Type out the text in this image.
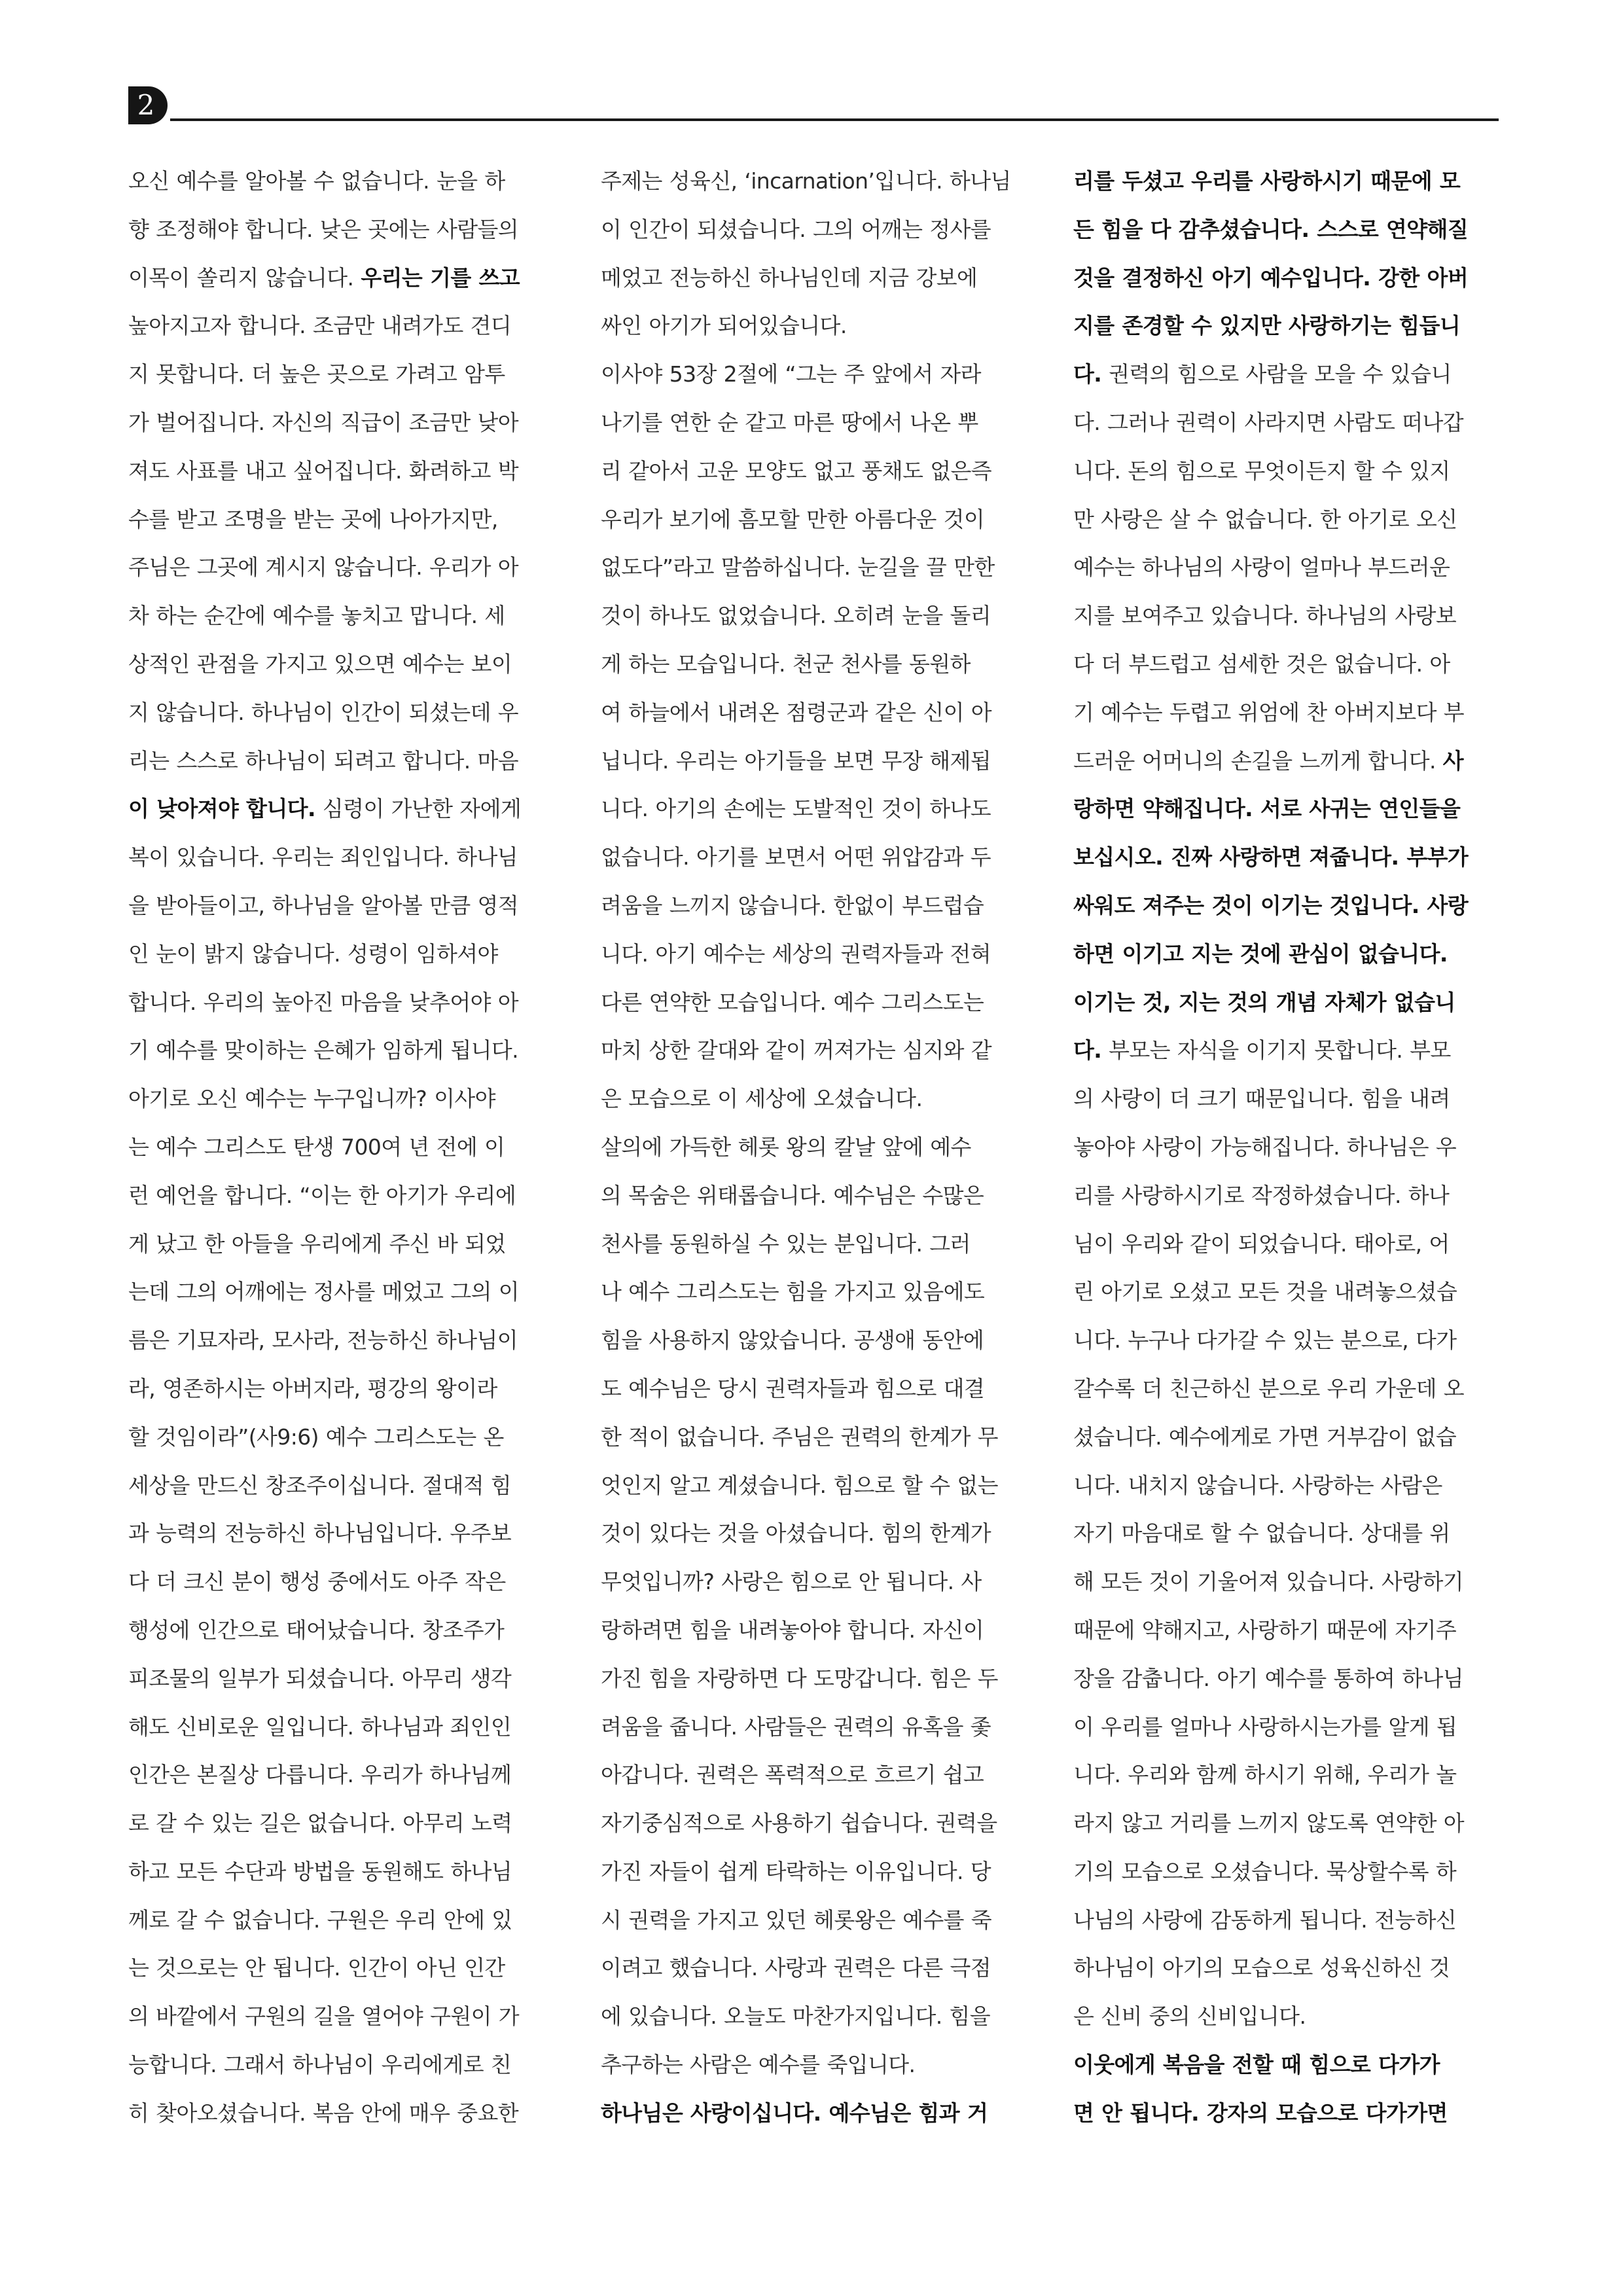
2
오신 예수를 알아볼 수 없습니다. 눈을 하
향 조정해야 합니다. 낮은 곳에는 사람들의
이목이 쏠리지 않습니다. 우리는 기를 쓰고
높아지고자 합니다. 조금만 내려가도 견디
지 못합니다. 더 높은 곳으로 가려고 암투
가 벌어집니다. 자신의 직급이 조금만 낮아
져도 사표를 내고 싶어집니다. 화려하고 박
수를 받고 조명을 받는 곳에 나아가지만,
주님은 그곳에 계시지 않습니다. 우리가 아
차 하는 순간에 예수를 놓치고 맙니다. 세
상적인 관점을 가지고 있으면 예수는 보이
지 않습니다. 하나님이 인간이 되셨는데 우
리는 스스로 하나님이 되려고 합니다. 마음
이 낮아져야 합니다. 심령이 가난한 자에게
복이 있습니다. 우리는 죄인입니다. 하나님
을 받아들이고, 하나님을 알아볼 만큼 영적
인 눈이 밝지 않습니다. 성령이 임하셔야
합니다. 우리의 높아진 마음을 낮추어야 아
기 예수를 맞이하는 은혜가 임하게 됩니다.
아기로 오신 예수는 누구입니까? 이사야
는 예수 그리스도 탄생 700여 년 전에 이
런 예언을 합니다. “이는 한 아기가 우리에
게 났고 한 아들을 우리에게 주신 바 되었
는데 그의 어깨에는 정사를 메었고 그의 이
름은 기묘자라, 모사라, 전능하신 하나님이
라, 영존하시는 아버지라, 평강의 왕이라
할 것임이라”(사9:6) 예수 그리스도는 온
세상을 만드신 창조주이십니다. 절대적 힘
과 능력의 전능하신 하나님입니다. 우주보
다 더 크신 분이 행성 중에서도 아주 작은
행성에 인간으로 태어났습니다. 창조주가
피조물의 일부가 되셨습니다. 아무리 생각
해도 신비로운 일입니다. 하나님과 죄인인
인간은 본질상 다릅니다. 우리가 하나님께
로 갈 수 있는 길은 없습니다. 아무리 노력
하고 모든 수단과 방법을 동원해도 하나님
께로 갈 수 없습니다. 구원은 우리 안에 있
는 것으로는 안 됩니다. 인간이 아닌 인간
의 바깥에서 구원의 길을 열어야 구원이 가
능합니다. 그래서 하나님이 우리에게로 친
히 찾아오셨습니다. 복음 안에 매우 중요한
주제는 성육신, ‘incarnation’입니다. 하나님
이 인간이 되셨습니다. 그의 어깨는 정사를
메었고 전능하신 하나님인데 지금 강보에
싸인 아기가 되어있습니다.
이사야 53장 2절에 “그는 주 앞에서 자라
나기를 연한 순 같고 마른 땅에서 나온 뿌
리 같아서 고운 모양도 없고 풍채도 없은즉
우리가 보기에 흠모할 만한 아름다운 것이
없도다”라고 말씀하십니다. 눈길을 끌 만한
것이 하나도 없었습니다. 오히려 눈을 돌리
게 하는 모습입니다. 천군 천사를 동원하
여 하늘에서 내려온 점령군과 같은 신이 아
닙니다. 우리는 아기들을 보면 무장 해제됩
니다. 아기의 손에는 도발적인 것이 하나도
없습니다. 아기를 보면서 어떤 위압감과 두
려움을 느끼지 않습니다. 한없이 부드럽습
니다. 아기 예수는 세상의 권력자들과 전혀
다른 연약한 모습입니다. 예수 그리스도는
마치 상한 갈대와 같이 꺼져가는 심지와 같
은 모습으로 이 세상에 오셨습니다.
살의에 가득한 헤롯 왕의 칼날 앞에 예수
의 목숨은 위태롭습니다. 예수님은 수많은
천사를 동원하실 수 있는 분입니다. 그러
나 예수 그리스도는 힘을 가지고 있음에도
힘을 사용하지 않았습니다. 공생애 동안에
도 예수님은 당시 권력자들과 힘으로 대결
한 적이 없습니다. 주님은 권력의 한계가 무
엇인지 알고 계셨습니다. 힘으로 할 수 없는
것이 있다는 것을 아셨습니다. 힘의 한계가
무엇입니까? 사랑은 힘으로 안 됩니다. 사
랑하려면 힘을 내려놓아야 합니다. 자신이
가진 힘을 자랑하면 다 도망갑니다. 힘은 두
려움을 줍니다. 사람들은 권력의 유혹을 좇
아갑니다. 권력은 폭력적으로 흐르기 쉽고
자기중심적으로 사용하기 쉽습니다. 권력을
가진 자들이 쉽게 타락하는 이유입니다. 당
시 권력을 가지고 있던 헤롯왕은 예수를 죽
이려고 했습니다. 사랑과 권력은 다른 극점
에 있습니다. 오늘도 마찬가지입니다. 힘을
추구하는 사람은 예수를 죽입니다.
하나님은 사랑이십니다. 예수님은 힘과 거
리를 두셨고 우리를 사랑하시기 때문에 모
든 힘을 다 감추셨습니다. 스스로 연약해질
것을 결정하신 아기 예수입니다. 강한 아버
지를 존경할 수 있지만 사랑하기는 힘듭니
다. 권력의 힘으로 사람을 모을 수 있습니
다. 그러나 권력이 사라지면 사람도 떠나갑
니다. 돈의 힘으로 무엇이든지 할 수 있지
만 사랑은 살 수 없습니다. 한 아기로 오신
예수는 하나님의 사랑이 얼마나 부드러운
지를 보여주고 있습니다. 하나님의 사랑보
다 더 부드럽고 섬세한 것은 없습니다. 아
기 예수는 두렵고 위엄에 찬 아버지보다 부
드러운 어머니의 손길을 느끼게 합니다. 사
랑하면 약해집니다. 서로 사귀는 연인들을
보십시오. 진짜 사랑하면 져줍니다. 부부가
싸워도 져주는 것이 이기는 것입니다. 사랑
하면 이기고 지는 것에 관심이 없습니다.
이기는 것, 지는 것의 개념 자체가 없습니
다. 부모는 자식을 이기지 못합니다. 부모
의 사랑이 더 크기 때문입니다. 힘을 내려
놓아야 사랑이 가능해집니다. 하나님은 우
리를 사랑하시기로 작정하셨습니다. 하나
님이 우리와 같이 되었습니다. 태아로, 어
린 아기로 오셨고 모든 것을 내려놓으셨습
니다. 누구나 다가갈 수 있는 분으로, 다가
갈수록 더 친근하신 분으로 우리 가운데 오
셨습니다. 예수에게로 가면 거부감이 없습
니다. 내치지 않습니다. 사랑하는 사람은
자기 마음대로 할 수 없습니다. 상대를 위
해 모든 것이 기울어져 있습니다. 사랑하기
때문에 약해지고, 사랑하기 때문에 자기주
장을 감춥니다. 아기 예수를 통하여 하나님
이 우리를 얼마나 사랑하시는가를 알게 됩
니다. 우리와 함께 하시기 위해, 우리가 놀
라지 않고 거리를 느끼지 않도록 연약한 아
기의 모습으로 오셨습니다. 묵상할수록 하
나님의 사랑에 감동하게 됩니다. 전능하신
하나님이 아기의 모습으로 성육신하신 것
은 신비 중의 신비입니다.
이웃에게 복음을 전할 때 힘으로 다가가
면 안 됩니다. 강자의 모습으로 다가가면
